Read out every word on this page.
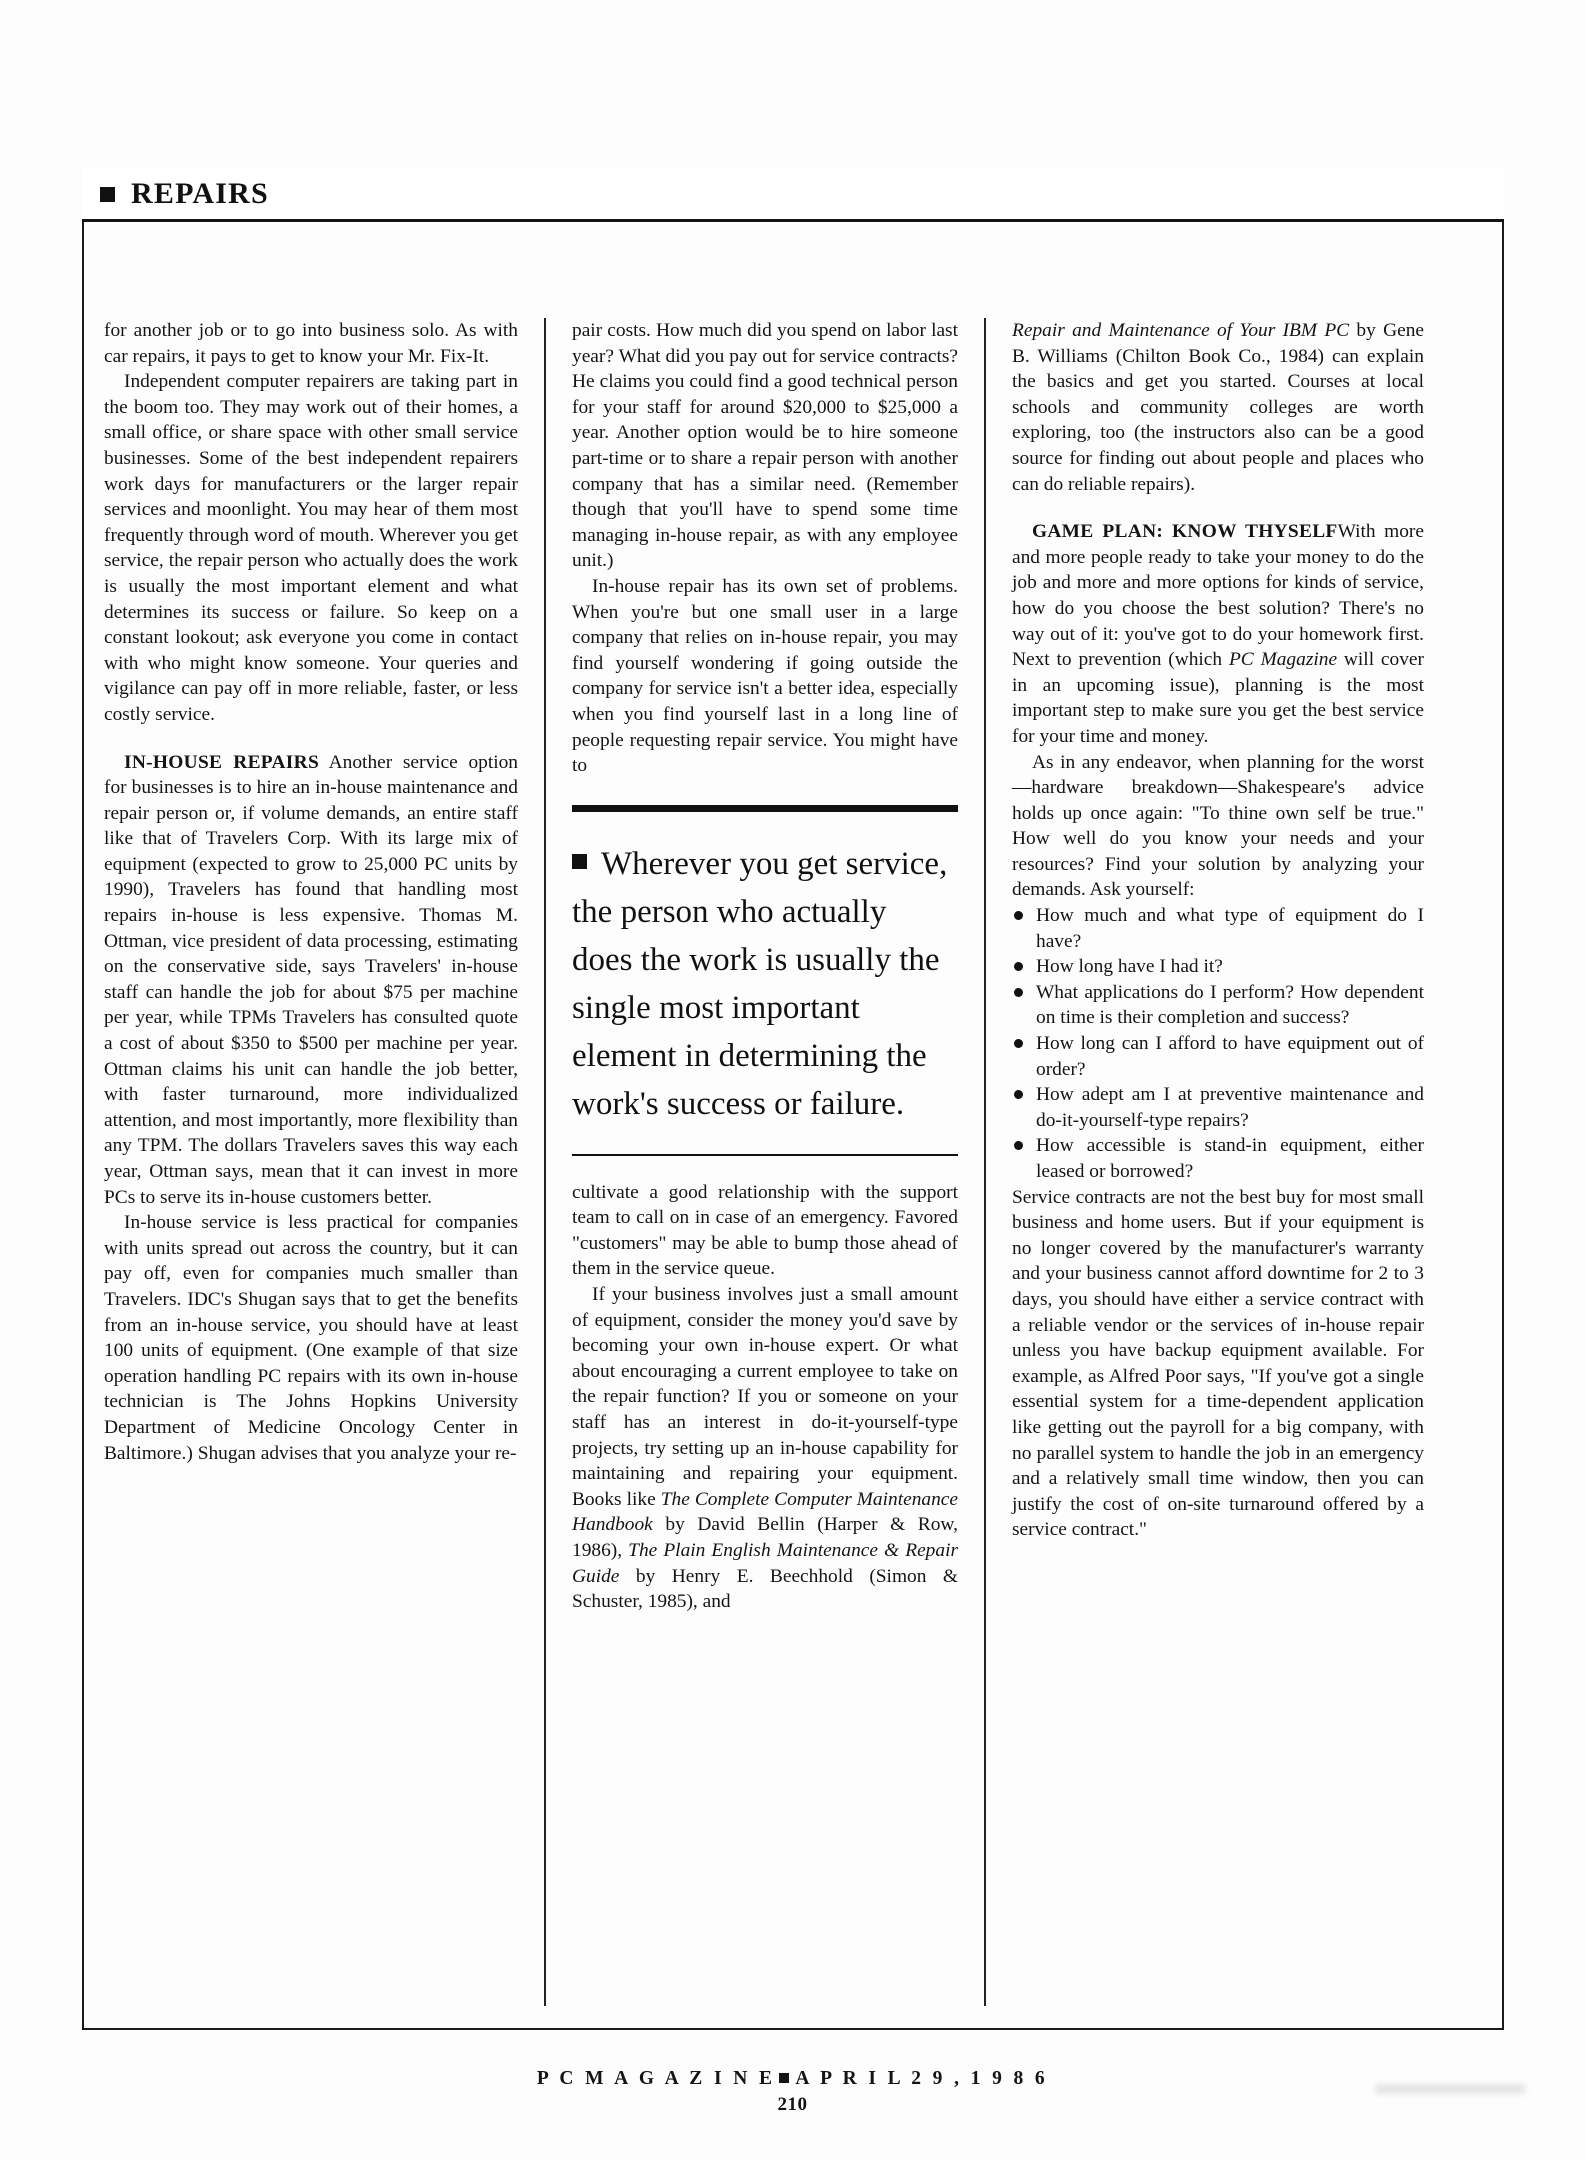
REPAIRS

for another job or to go into business solo. As with car repairs, it pays to get to know your Mr. Fix-It.

Independent computer repairers are taking part in the boom too. They may work out of their homes, a small office, or share space with other small service businesses. Some of the best independent repairers work days for manufacturers or the larger repair services and moonlight. You may hear of them most frequently through word of mouth. Wherever you get service, the repair person who actually does the work is usually the most important element and what determines its success or failure. So keep on a constant lookout; ask everyone you come in contact with who might know someone. Your queries and vigilance can pay off in more reliable, faster, or less costly service.

IN-HOUSE REPAIRS Another service option for businesses is to hire an in-house maintenance and repair person or, if volume demands, an entire staff like that of Travelers Corp. With its large mix of equipment (expected to grow to 25,000 PC units by 1990), Travelers has found that handling most repairs in-house is less expensive. Thomas M. Ottman, vice president of data processing, estimating on the conservative side, says Travelers' in-house staff can handle the job for about $75 per machine per year, while TPMs Travelers has consulted quote a cost of about $350 to $500 per machine per year. Ottman claims his unit can handle the job better, with faster turnaround, more individualized attention, and most importantly, more flexibility than any TPM. The dollars Travelers saves this way each year, Ottman says, mean that it can invest in more PCs to serve its in-house customers better.

In-house service is less practical for companies with units spread out across the country, but it can pay off, even for companies much smaller than Travelers. IDC's Shugan says that to get the benefits from an in-house service, you should have at least 100 units of equipment. (One example of that size operation handling PC repairs with its own in-house technician is The Johns Hopkins University Department of Medicine Oncology Center in Baltimore.) Shugan advises that you analyze your re-

pair costs. How much did you spend on labor last year? What did you pay out for service contracts? He claims you could find a good technical person for your staff for around $20,000 to $25,000 a year. Another option would be to hire someone part-time or to share a repair person with another company that has a similar need. (Remember though that you'll have to spend some time managing in-house repair, as with any employee unit.)

In-house repair has its own set of problems. When you're but one small user in a large company that relies on in-house repair, you may find yourself wondering if going outside the company for service isn't a better idea, especially when you find yourself last in a long line of people requesting repair service. You might have to

Wherever you get service, the person who actually does the work is usually the single most important element in determining the work's success or failure.

cultivate a good relationship with the support team to call on in case of an emergency. Favored "customers" may be able to bump those ahead of them in the service queue.

If your business involves just a small amount of equipment, consider the money you'd save by becoming your own in-house expert. Or what about encouraging a current employee to take on the repair function? If you or someone on your staff has an interest in do-it-yourself-type projects, try setting up an in-house capability for maintaining and repairing your equipment. Books like The Complete Computer Maintenance Handbook by David Bellin (Harper & Row, 1986), The Plain English Maintenance & Repair Guide by Henry E. Beechhold (Simon & Schuster, 1985), and

Repair and Maintenance of Your IBM PC by Gene B. Williams (Chilton Book Co., 1984) can explain the basics and get you started. Courses at local schools and community colleges are worth exploring, too (the instructors also can be a good source for finding out about people and places who can do reliable repairs).

GAME PLAN: KNOW THYSELFWith more and more people ready to take your money to do the job and more and more options for kinds of service, how do you choose the best solution? There's no way out of it: you've got to do your homework first. Next to prevention (which PC Magazine will cover in an upcoming issue), planning is the most important step to make sure you get the best service for your time and money.

As in any endeavor, when planning for the worst—hardware breakdown—Shakespeare's advice holds up once again: "To thine own self be true." How well do you know your needs and your resources? Find your solution by analyzing your demands. Ask yourself:

How much and what type of equipment do I have?
How long have I had it?
What applications do I perform? How dependent on time is their completion and success?
How long can I afford to have equipment out of order?
How adept am I at preventive maintenance and do-it-yourself-type repairs?
How accessible is stand-in equipment, either leased or borrowed?

Service contracts are not the best buy for most small business and home users. But if your equipment is no longer covered by the manufacturer's warranty and your business cannot afford downtime for 2 to 3 days, you should have either a service contract with a reliable vendor or the services of in-house repair unless you have backup equipment available. For example, as Alfred Poor says, "If you've got a single essential system for a time-dependent application like getting out the payroll for a big company, with no parallel system to handle the job in an emergency and a relatively small time window, then you can justify the cost of on-site turnaround offered by a service contract."

P C M A G A Z I N E A P R I L 2 9 , 1 9 8 6
210
